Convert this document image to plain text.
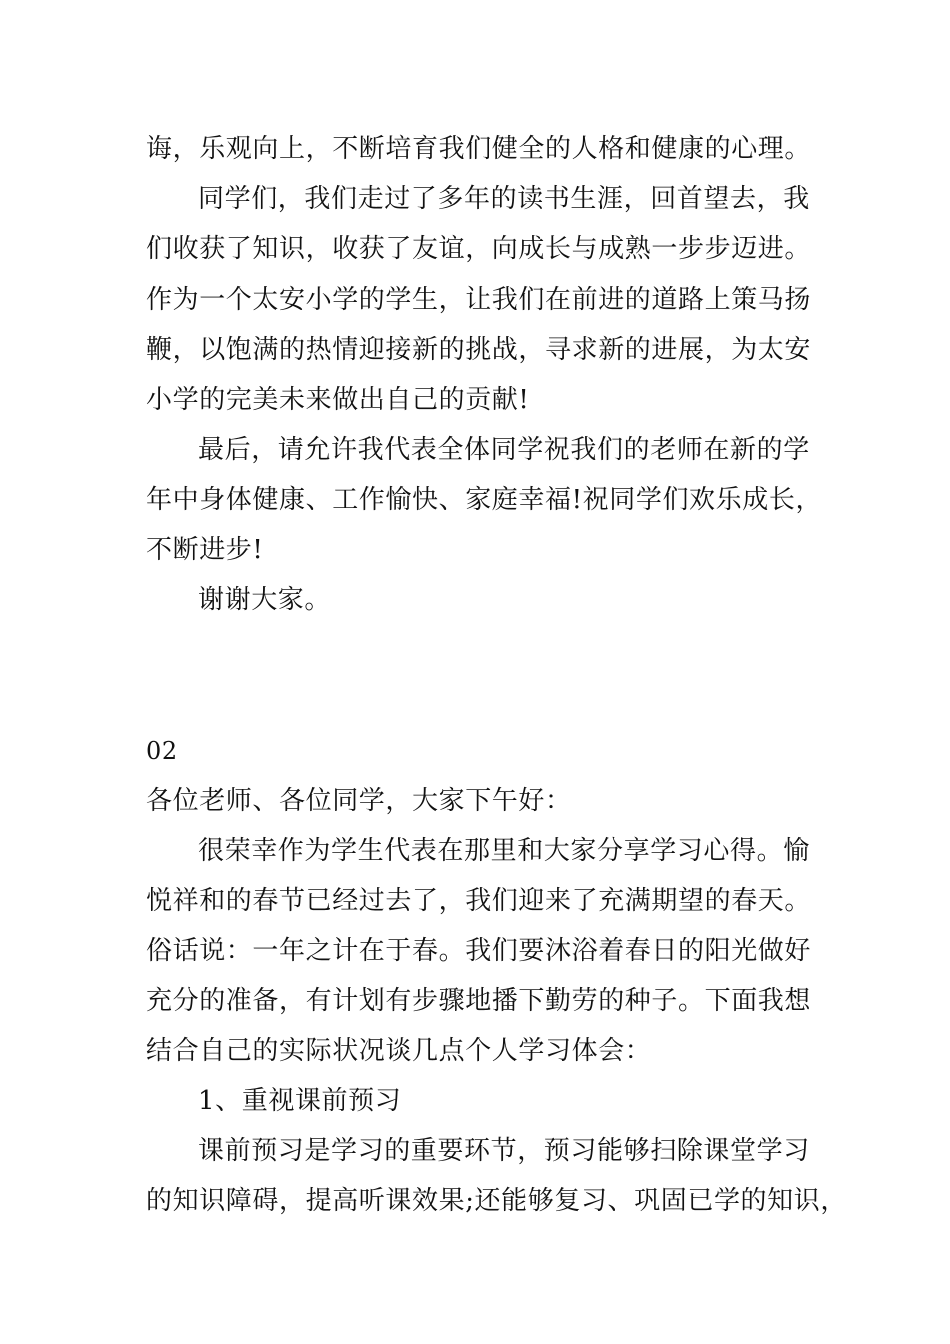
诲，乐观向上，不断培育我们健全的人格和健康的心理。
同学们，我们走过了多年的读书生涯，回首望去，我
们收获了知识，收获了友谊，向成长与成熟一步步迈进。
作为一个太安小学的学生，让我们在前进的道路上策马扬
鞭，以饱满的热情迎接新的挑战，寻求新的进展，为太安
小学的完美未来做出自己的贡献!
最后，请允许我代表全体同学祝我们的老师在新的学
年中身体健康、工作愉快、家庭幸福!祝同学们欢乐成长，
不断进步!
谢谢大家。
02
各位老师、各位同学，大家下午好：
很荣幸作为学生代表在那里和大家分享学习心得。愉
悦祥和的春节已经过去了，我们迎来了充满期望的春天。
俗话说：一年之计在于春。我们要沐浴着春日的阳光做好
充分的准备，有计划有步骤地播下勤劳的种子。下面我想
结合自己的实际状况谈几点个人学习体会：
1、重视课前预习
课前预习是学习的重要环节，预习能够扫除课堂学习
的知识障碍，提高听课效果;还能够复习、巩固已学的知识，
